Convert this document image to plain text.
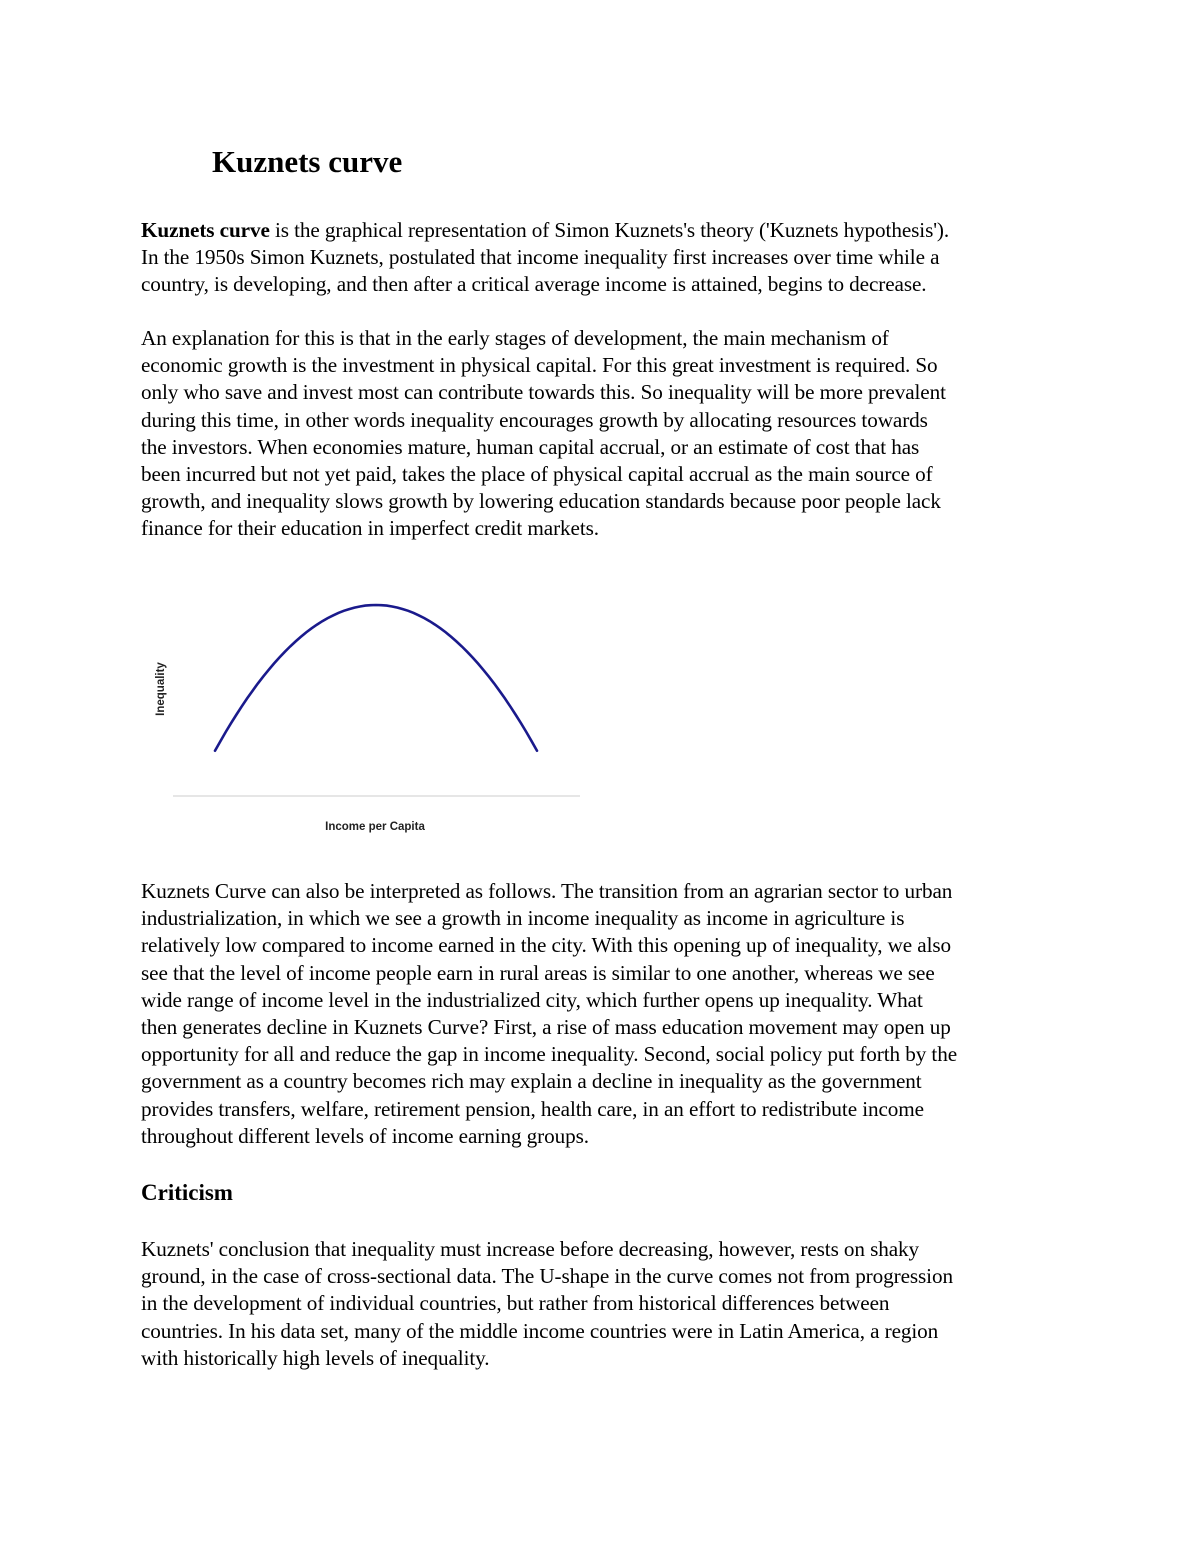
Kuznets curve

Kuznets curve is the graphical representation of Simon Kuznets's theory ('Kuznets hypothesis').
In the 1950s Simon Kuznets, postulated that income inequality first increases over time while a
country, is developing, and then after a critical average income is attained, begins to decrease.

An explanation for this is that in the early stages of development, the main mechanism of
economic growth is the investment in physical capital. For this great investment is required. So
only who save and invest most can contribute towards this. So inequality will be more prevalent
during this time, in other words inequality encourages growth by allocating resources towards
the investors. When economies mature, human capital accrual, or an estimate of cost that has
been incurred but not yet paid, takes the place of physical capital accrual as the main source of
growth, and inequality slows growth by lowering education standards because poor people lack
finance for their education in imperfect credit markets.

Inequality
Income per Capita

Kuznets Curve can also be interpreted as follows. The transition from an agrarian sector to urban
industrialization, in which we see a growth in income inequality as income in agriculture is
relatively low compared to income earned in the city. With this opening up of inequality, we also
see that the level of income people earn in rural areas is similar to one another, whereas we see
wide range of income level in the industrialized city, which further opens up inequality. What
then generates decline in Kuznets Curve? First, a rise of mass education movement may open up
opportunity for all and reduce the gap in income inequality. Second, social policy put forth by the
government as a country becomes rich may explain a decline in inequality as the government
provides transfers, welfare, retirement pension, health care, in an effort to redistribute income
throughout different levels of income earning groups.

Criticism

Kuznets' conclusion that inequality must increase before decreasing, however, rests on shaky
ground, in the case of cross-sectional data. The U-shape in the curve comes not from progression
in the development of individual countries, but rather from historical differences between
countries. In his data set, many of the middle income countries were in Latin America, a region
with historically high levels of inequality.
